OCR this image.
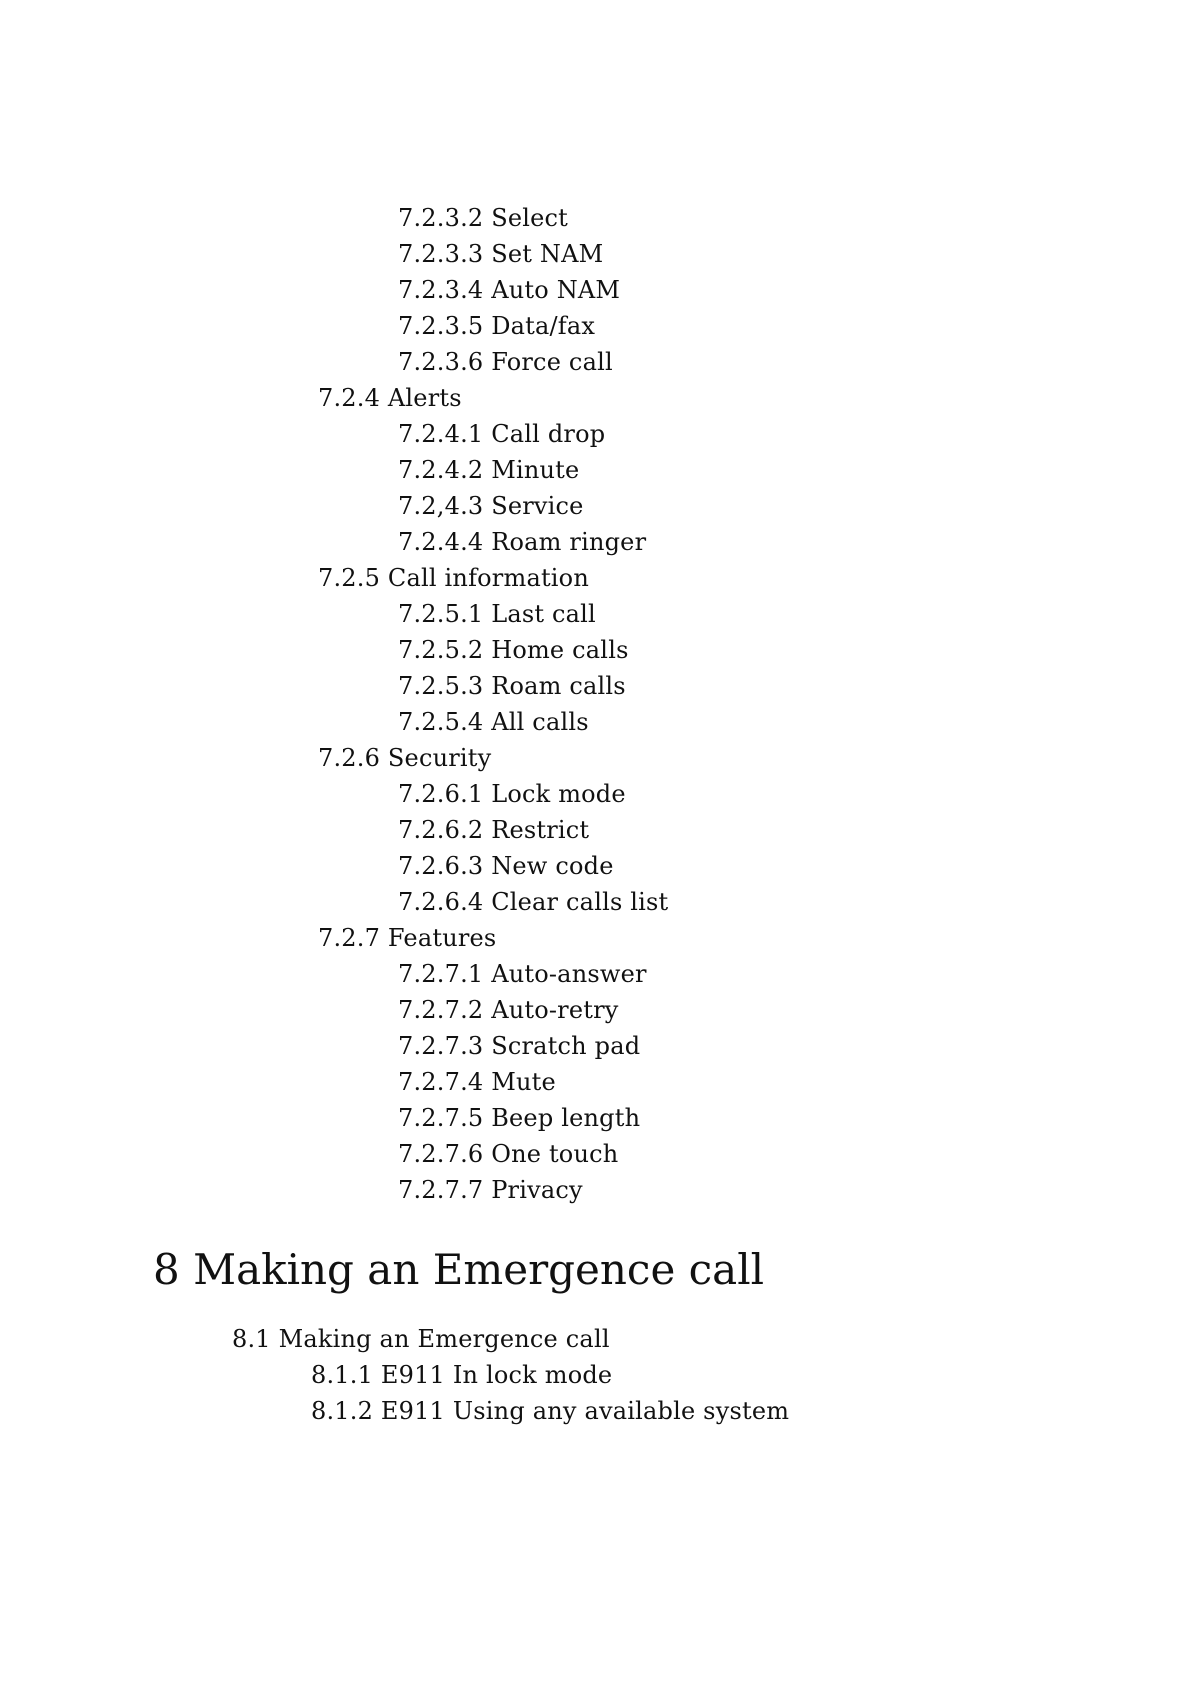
7.2.3.2 Select
7.2.3.3 Set NAM
7.2.3.4 Auto NAM
7.2.3.5 Data/fax
7.2.3.6 Force call
7.2.4 Alerts
7.2.4.1 Call drop
7.2.4.2 Minute
7.2,4.3 Service
7.2.4.4 Roam ringer
7.2.5 Call information
7.2.5.1 Last call
7.2.5.2 Home calls
7.2.5.3 Roam calls
7.2.5.4 All calls
7.2.6 Security
7.2.6.1 Lock mode
7.2.6.2 Restrict
7.2.6.3 New code
7.2.6.4 Clear calls list
7.2.7 Features
7.2.7.1 Auto-answer
7.2.7.2 Auto-retry
7.2.7.3 Scratch pad
7.2.7.4 Mute
7.2.7.5 Beep length
7.2.7.6 One touch
7.2.7.7 Privacy
8 Making an Emergence call
8.1 Making an Emergence call
8.1.1 E911 In lock mode
8.1.2 E911 Using any available system
